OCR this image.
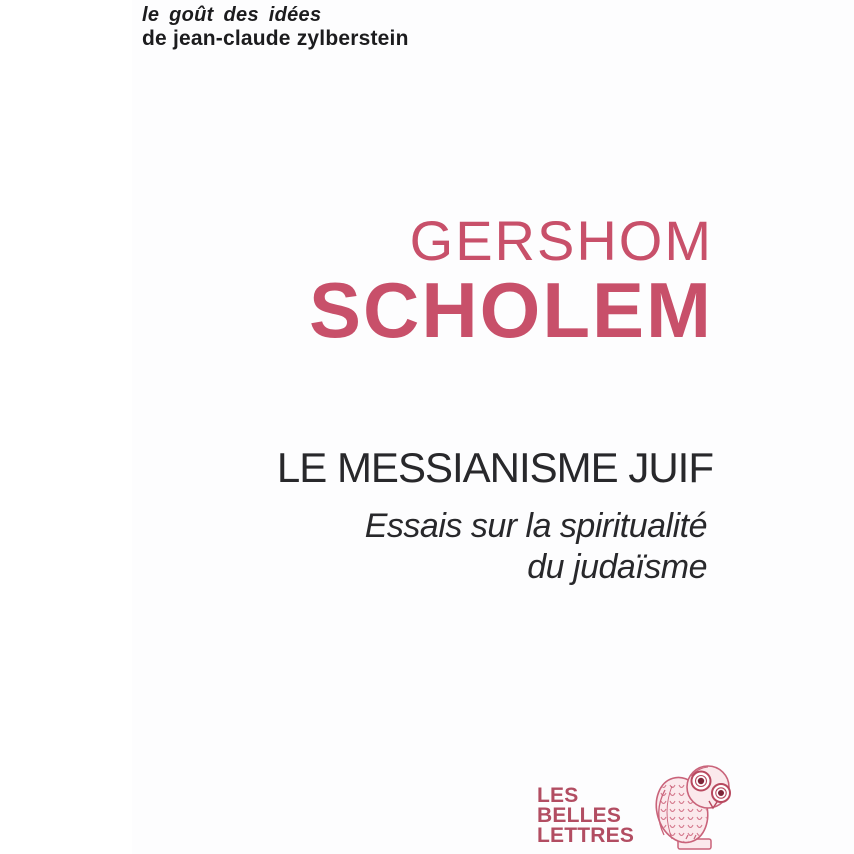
le goût des idées
de jean-claude zylberstein
GERSHOM
SCHOLEM
LE MESSIANISME JUIF
Essais sur la spiritualité
du judaïsme
LES
BELLES
LETTRES
